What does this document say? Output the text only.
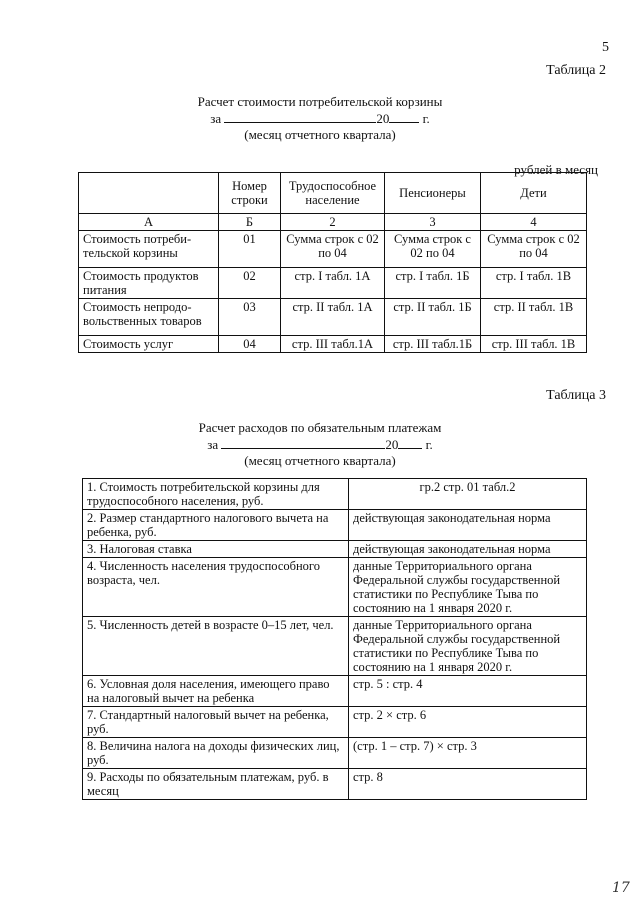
5
Таблица 2
Расчет стоимости потребительской корзины
за	20	г.
(месяц отчетного квартала)
рублей в месяц
	Номер строки	Трудоспособное население	Пенсионеры	Дети
А	Б	2	3	4
Стоимость потреби-тельской корзины	01	Сумма строк с 02 по 04	Сумма строк с 02 по 04	Сумма строк с 02 по 04
Стоимость продуктов питания	02	стр. I табл. 1А	стр. I табл. 1Б	стр. I табл. 1В
Стоимость непродо-вольственных товаров	03	стр. II табл. 1А	стр. II табл. 1Б	стр. II табл. 1В
Стоимость услуг	04	стр. III табл.1А	стр. III табл.1Б	стр. III табл. 1В
Таблица 3
Расчет расходов по обязательным платежам
за	20 г.
(месяц отчетного квартала)
1. Стоимость потребительской корзины для трудоспособного населения, руб.	гр.2 стр. 01 табл.2
2. Размер стандартного налогового вычета на ребенка, руб.	действующая законодательная норма
3. Налоговая ставка	действующая законодательная норма
4. Численность населения трудоспособного возраста, чел.	данные Территориального органа Федеральной службы государственной статистики по Республике Тыва по состоянию на 1 января 2020 г.
5. Численность детей в возрасте 0–15 лет, чел.	данные Территориального органа Федеральной службы государственной статистики по Республике Тыва по состоянию на 1 января 2020 г.
6. Условная доля населения, имеющего право на налоговый вычет на ребенка	стр. 5 : стр. 4
7. Стандартный налоговый вычет на ребенка, руб.	стр. 2 × стр. 6
8. Величина налога на доходы физических лиц, руб.	(стр. 1 – стр. 7) × стр. 3
9. Расходы по обязательным платежам, руб. в месяц	стр. 8
17
